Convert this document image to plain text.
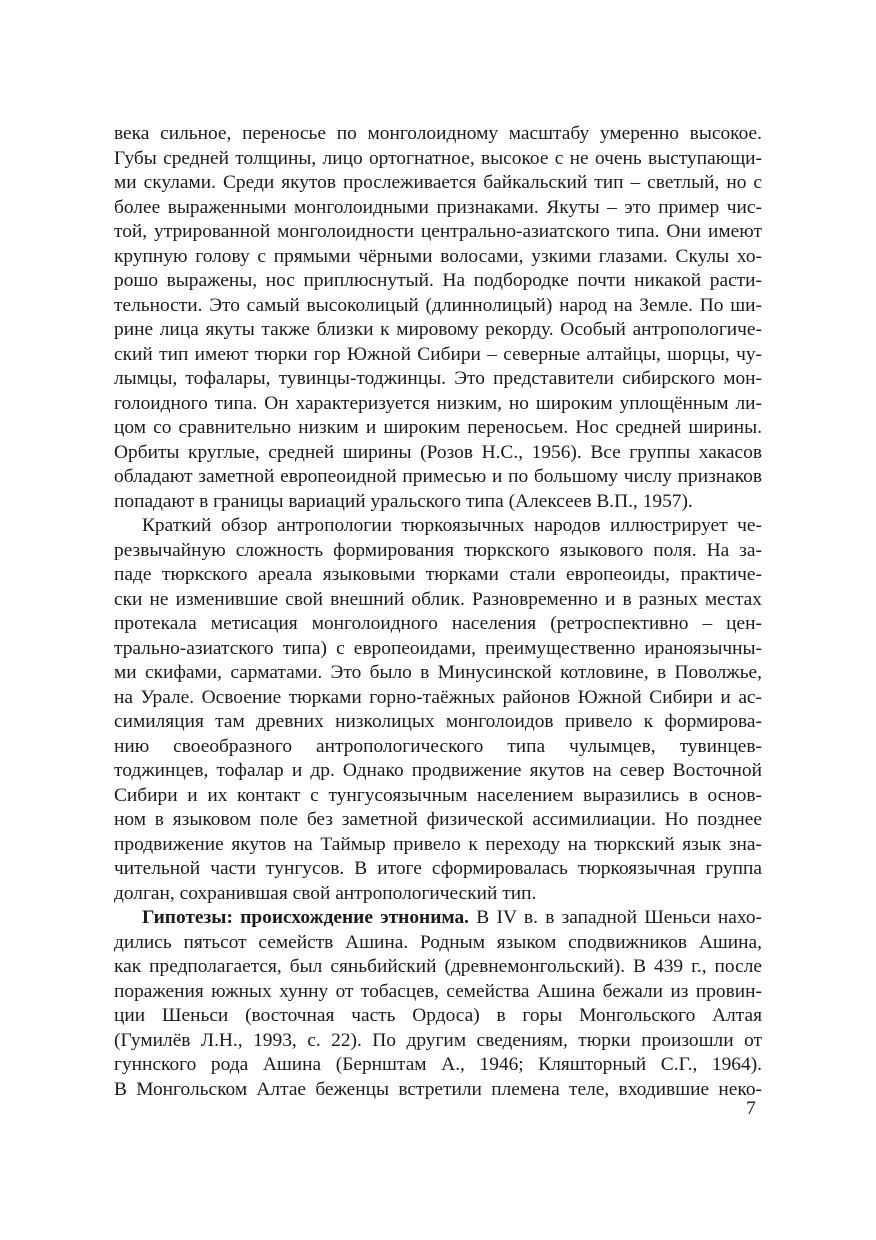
века сильное, переносье по монголоидному масштабу умеренно высокое.
Губы средней толщины, лицо ортогнатное, высокое с не очень выступающи-
ми скулами. Среди якутов прослеживается байкальский тип – светлый, но с
более выраженными монголоидными признаками. Якуты – это пример чис-
той, утрированной монголоидности центрально-азиатского типа. Они имеют
крупную голову с прямыми чёрными волосами, узкими глазами. Скулы хо-
рошо выражены, нос приплюснутый. На подбородке почти никакой расти-
тельности. Это самый высоколицый (длиннолицый) народ на Земле. По ши-
рине лица якуты также близки к мировому рекорду. Особый антропологиче-
ский тип имеют тюрки гор Южной Сибири – северные алтайцы, шорцы, чу-
лымцы, тофалары, тувинцы-тоджинцы. Это представители сибирского мон-
голоидного типа. Он характеризуется низким, но широким уплощённым ли-
цом со сравнительно низким и широким переносьем. Нос средней ширины.
Орбиты круглые, средней ширины (Розов Н.С., 1956). Все группы хакасов
обладают заметной европеоидной примесью и по большому числу признаков
попадают в границы вариаций уральского типа (Алексеев В.П., 1957).
Краткий обзор антропологии тюркоязычных народов иллюстрирует че-
резвычайную сложность формирования тюркского языкового поля. На за-
паде тюркского ареала языковыми тюрками стали европеоиды, практиче-
ски не изменившие свой внешний облик. Разновременно и в разных местах
протекала метисация монголоидного населения (ретроспективно – цен-
трально-азиатского типа) с европеоидами, преимущественно ираноязычны-
ми скифами, сарматами. Это было в Минусинской котловине, в Поволжье,
на Урале. Освоение тюрками горно-таёжных районов Южной Сибири и ас-
симиляция там древних низколицых монголоидов привело к формирова-
нию своеобразного антропологического типа чулымцев, тувинцев-
тоджинцев, тофалар и др. Однако продвижение якутов на север Восточной
Сибири и их контакт с тунгусоязычным населением выразились в основ-
ном в языковом поле без заметной физической ассимилиации. Но позднее
продвижение якутов на Таймыр привело к переходу на тюркский язык зна-
чительной части тунгусов. В итоге сформировалась тюркоязычная группа
долган, сохранившая свой антропологический тип.
Гипотезы: происхождение этнонима. В IV в. в западной Шеньси нахо-
дились пятьсот семейств Ашина. Родным языком сподвижников Ашина,
как предполагается, был сяньбийский (древнемонгольский). В 439 г., после
поражения южных хунну от тобасцев, семейства Ашина бежали из провин-
ции Шеньси (восточная часть Ордоса) в горы Монгольского Алтая
(Гумилёв Л.Н., 1993, с. 22). По другим сведениям, тюрки произошли от
гуннского рода Ашина (Бернштам А., 1946; Кляшторный С.Г., 1964).
В Монгольском Алтае беженцы встретили племена теле, входившие неко-
7
